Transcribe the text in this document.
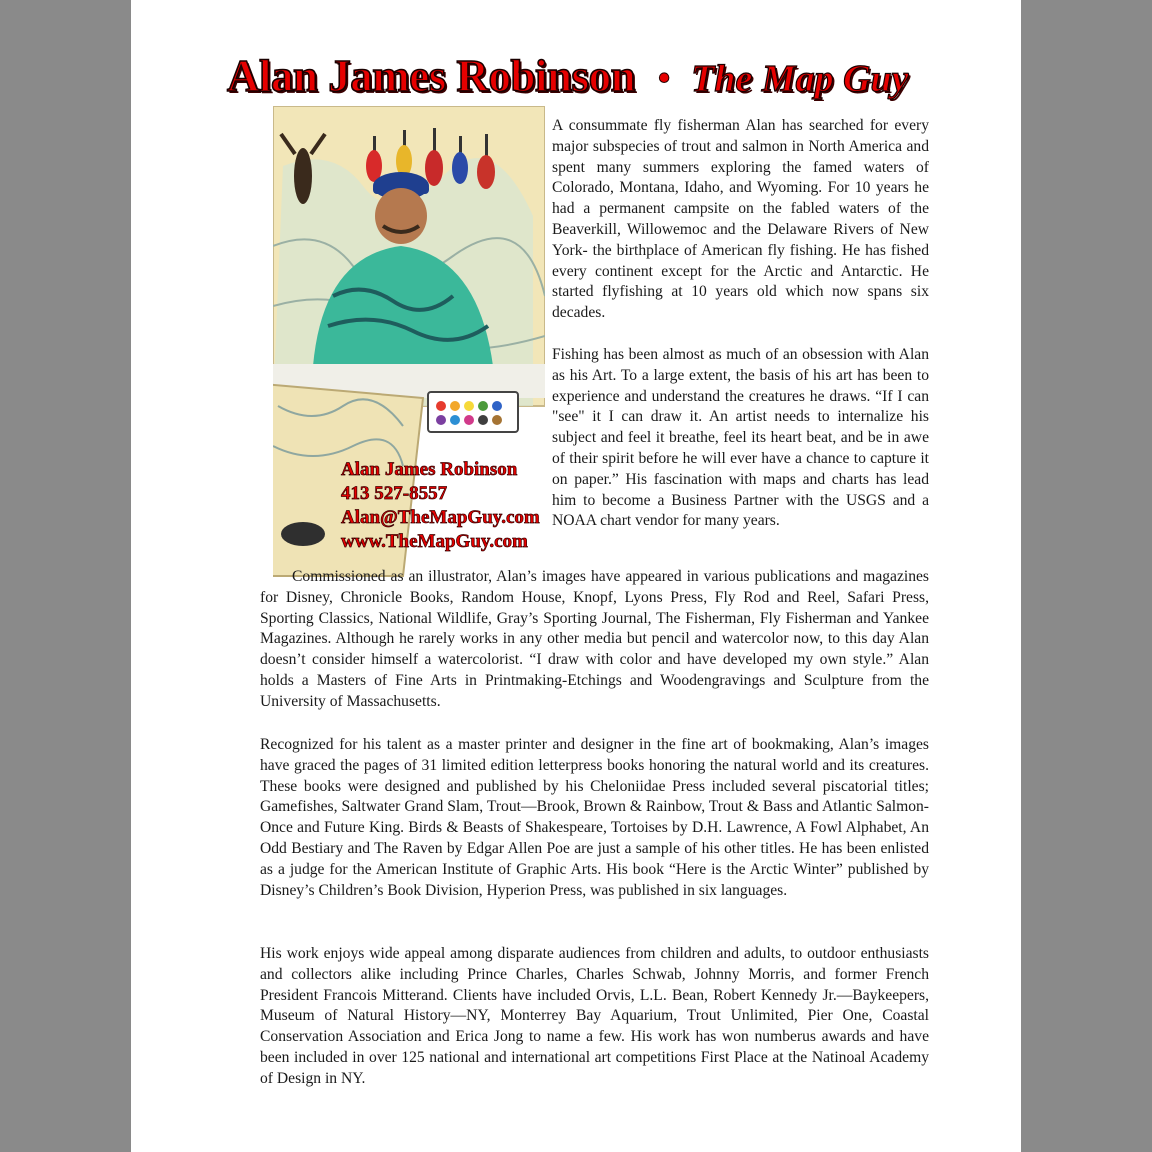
Alan James Robinson • The Map Guy
Alan James Robinson
413 527-8557
Alan@TheMapGuy.com
www.TheMapGuy.com

A consummate fly fisherman Alan has searched for every major subspecies of trout and salmon in North America and spent many summers exploring the famed waters of Colorado, Montana, Idaho, and Wyoming. For 10 years he had a permanent campsite on the fabled waters of the Beaverkill, Willowemoc and the Delaware Rivers of New York- the birthplace of American fly fishing. He has fished every continent except for the Arctic and Antarctic. He started flyfishing at 10 years old which now spans six decades.

Fishing has been almost as much of an obsession with Alan as his Art. To a large extent, the basis of his art has been to experience and understand the creatures he draws. “If I can "see" it I can draw it. An artist needs to internalize his subject and feel it breathe, feel its heart beat, and be in awe of their spirit before he will ever have a chance to capture it on paper.” His fascination with maps and charts has lead him to become a Business Partner with the USGS and a NOAA chart vendor for many years.

Commissioned as an illustrator, Alan’s images have appeared in various publications and magazines for Disney, Chronicle Books, Random House, Knopf, Lyons Press, Fly Rod and Reel, Safari Press, Sporting Classics, National Wildlife, Gray’s Sporting Journal, The Fisherman, Fly Fisherman and Yankee Magazines. Although he rarely works in any other media but pencil and watercolor now, to this day Alan doesn’t consider himself a watercolorist. “I draw with color and have developed my own style.” Alan holds a Masters of Fine Arts in Printmaking-Etchings and Woodengravings and Sculpture from the University of Massachusetts.

Recognized for his talent as a master printer and designer in the fine art of bookmaking, Alan’s images have graced the pages of 31 limited edition letterpress books honoring the natural world and its creatures. These books were designed and published by his Cheloniidae Press included several piscatorial titles; Gamefishes, Saltwater Grand Slam, Trout—Brook, Brown & Rainbow, Trout & Bass and Atlantic Salmon-Once and Future King. Birds & Beasts of Shakespeare, Tortoises by D.H. Lawrence, A Fowl Alphabet, An Odd Bestiary and The Raven by Edgar Allen Poe are just a sample of his other titles. He has been enlisted as a judge for the American Institute of Graphic Arts. His book “Here is the Arctic Winter” published by Disney’s Children’s Book Division, Hyperion Press, was published in six languages.

His work enjoys wide appeal among disparate audiences from children and adults, to outdoor enthusiasts and collectors alike including Prince Charles, Charles Schwab, Johnny Morris, and former French President Francois Mitterand. Clients have included Orvis, L.L. Bean, Robert Kennedy Jr.—Baykeepers, Museum of Natural History—NY, Monterrey Bay Aquarium, Trout Unlimited, Pier One, Coastal Conservation Association and Erica Jong to name a few. His work has won numberus awards and have been included in over 125 national and international art competitions First Place at the Natinoal Academy of Design in NY.
